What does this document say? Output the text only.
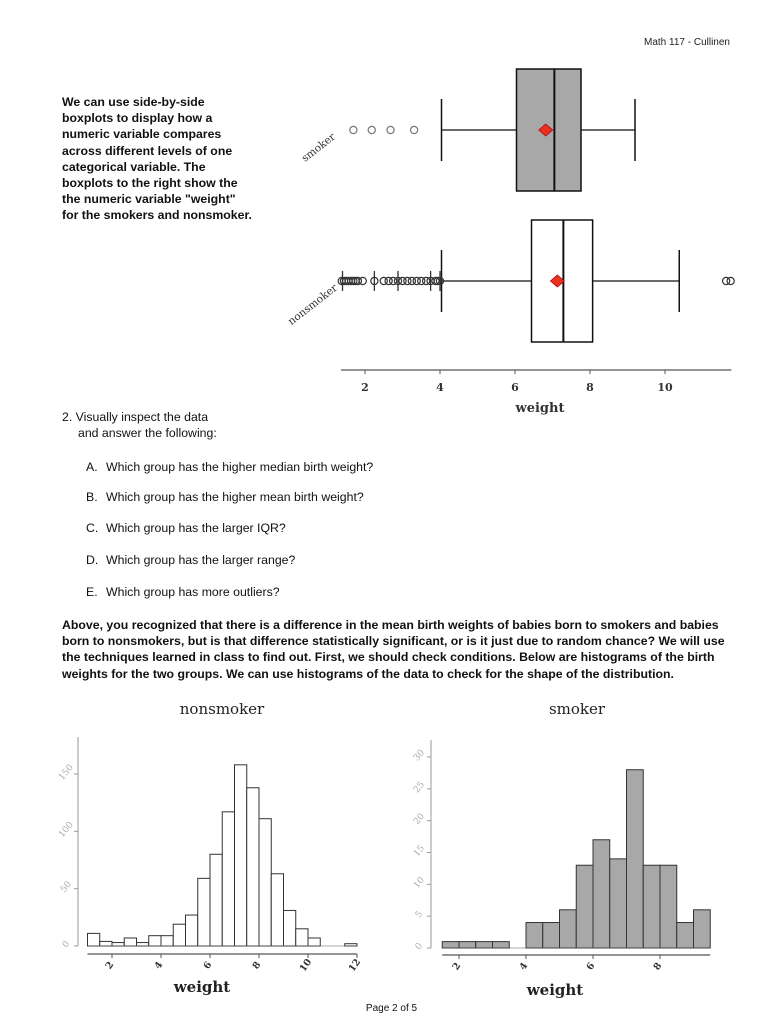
Math 117 - Cullinen
We can use side-by-side boxplots to display how a numeric variable compares across different levels of one categorical variable. The boxplots to the right show the the numeric variable "weight" for the smokers and nonsmoker.
2. Visually inspect the data
and answer the following:
A. Which group has the higher median birth weight?
B. Which group has the higher mean birth weight?
C. Which group has the larger IQR?
D. Which group has the larger range?
E. Which group has more outliers?
Above, you recognized that there is a difference in the mean birth weights of babies born to smokers and babies born to nonsmokers, but is that difference statistically significant, or is it just due to random chance? We will use the techniques learned in class to find out. First, we should check conditions. Below are histograms of the birth weights for the two groups. We can use histograms of the data to check for the shape of the distribution.
nonsmoker	smoker
2	4	6	8	10
weight
smoker
nonsmoker
0
50
100
150
2	4	6	8	10	12
weight
0
5
10
15
20
25
30
2	4	6	8
weight
Page 2 of 5
